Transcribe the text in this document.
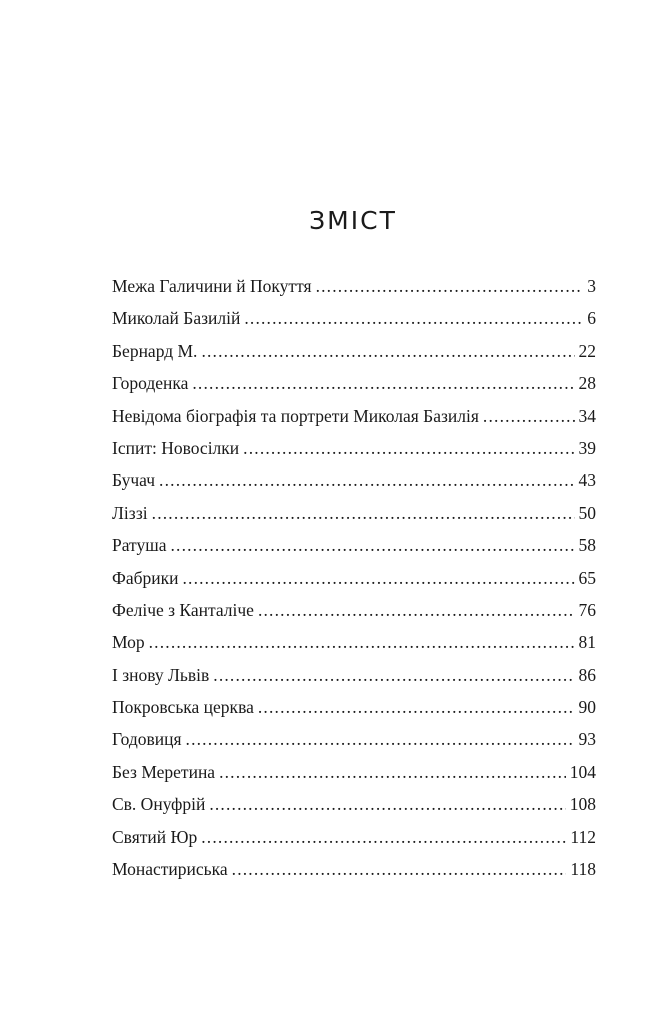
ЗМІСТ
Межа Галичини й Покуття . . .	3
Миколай Базилій . . .	6
Бернард М. . . .	22
Городенка . . .	28
Невідома біографія та портрети Миколая Базилія . . .	34
Іспит: Новосілки . . .	39
Бучач . . .	43
Ліззі . . .	50
Ратуша . . .	58
Фабрики . . .	65
Феліче з Канталіче . . .	76
Мор . . .	81
І знову Львів . . .	86
Покровська церква . . .	90
Годовиця . . .	93
Без Меретина . . .	104
Св. Онуфрій . . .	108
Святий Юр . . .	112
Монастириська . . .	118
